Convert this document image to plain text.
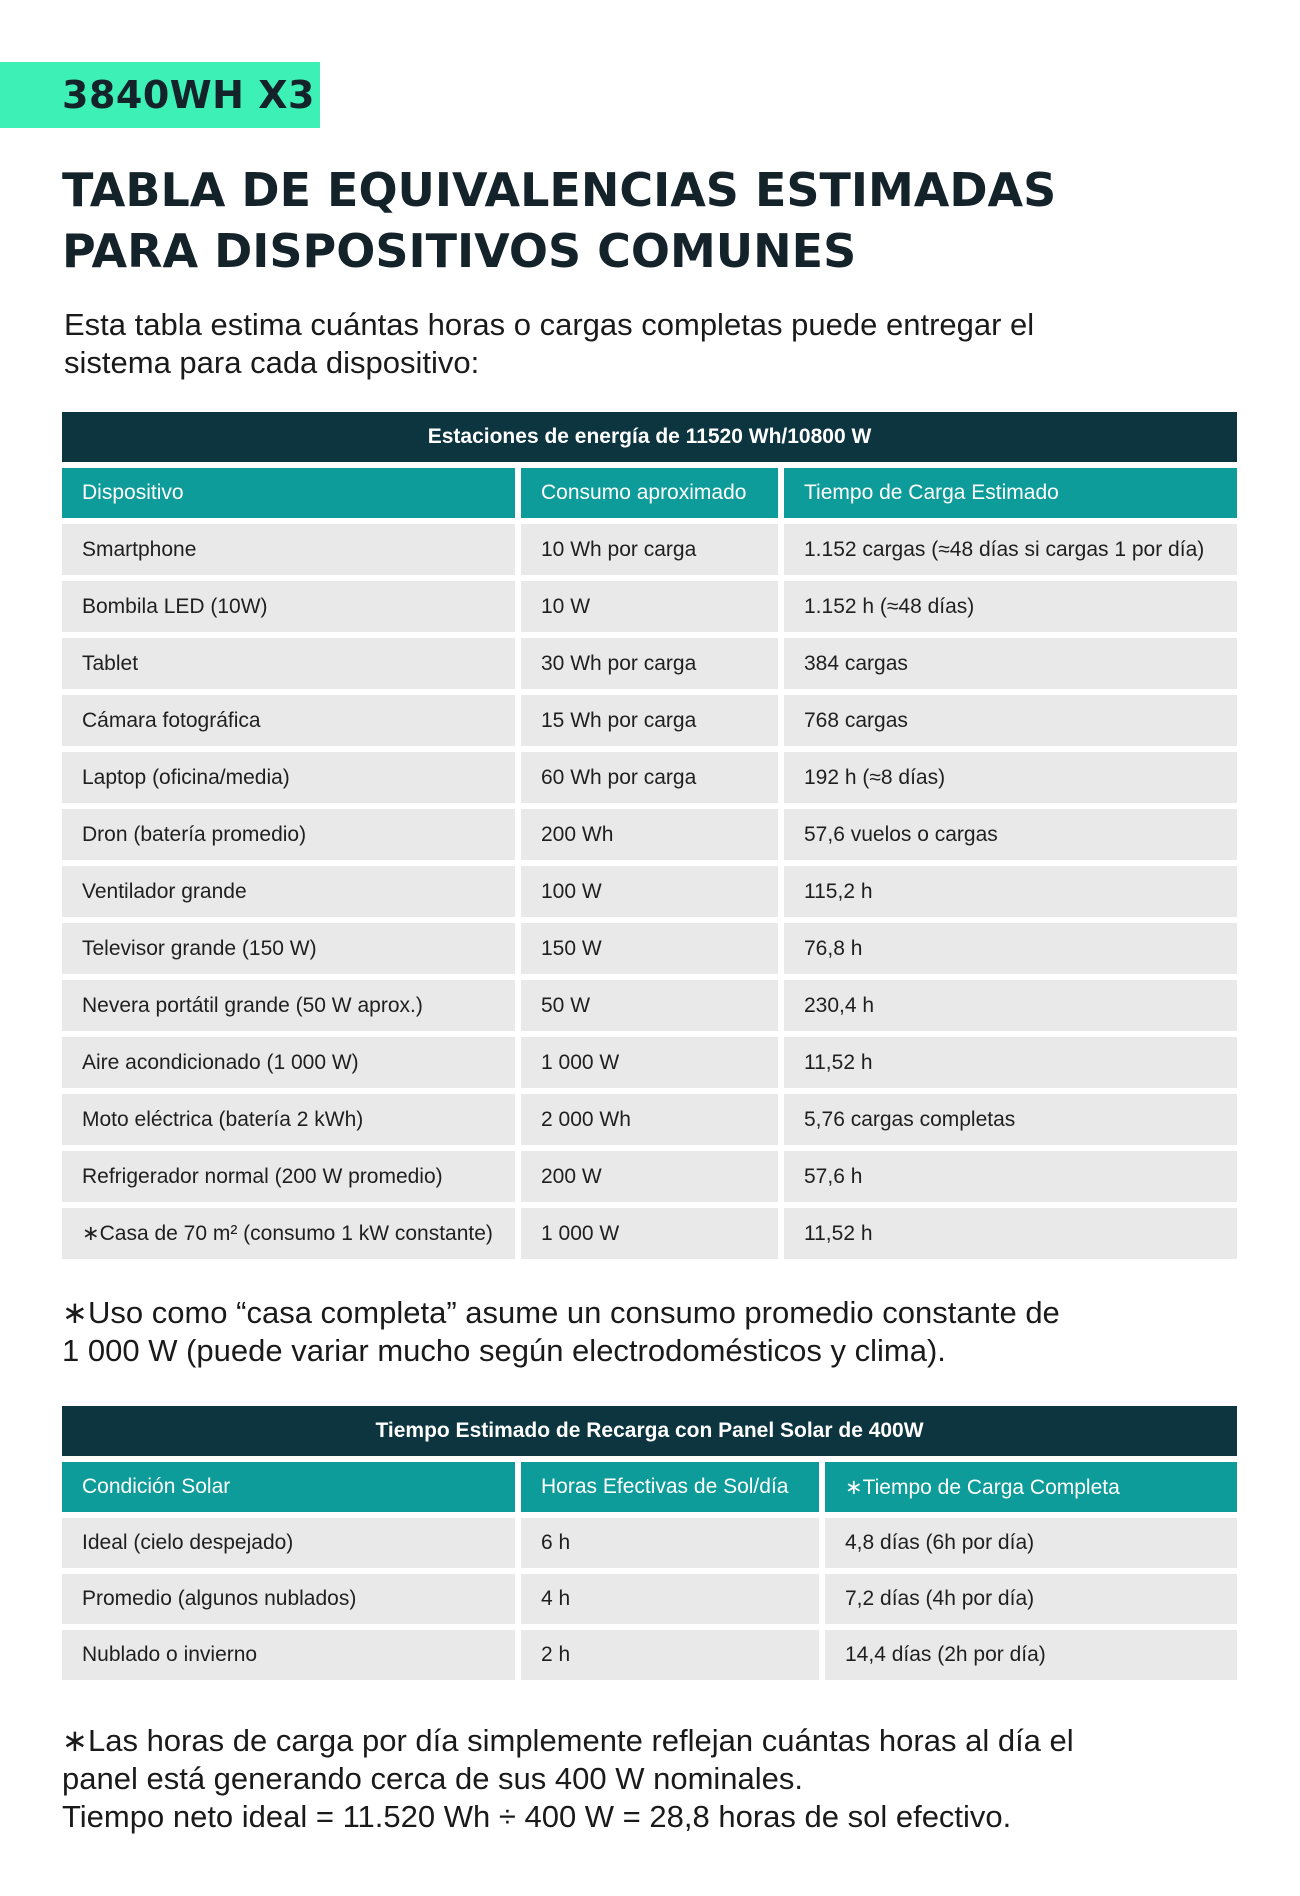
3840WH X3
TABLA DE EQUIVALENCIAS ESTIMADAS
PARA DISPOSITIVOS COMUNES

Esta tabla estima cuántas horas o cargas completas puede entregar el
sistema para cada dispositivo:

Estaciones de energía de 11520 Wh/10800 W		
Dispositivo	Consumo aproximado	Tiempo de Carga Estimado
Smartphone	10 Wh por carga	1.152 cargas (≈48 días si cargas 1 por día)
Bombila LED (10W)	10 W	1.152 h (≈48 días)
Tablet	30 Wh por carga	384 cargas
Cámara fotográfica	15 Wh por carga	768 cargas
Laptop (oficina/media)	60 Wh por carga	192 h (≈8 días)
Dron (batería promedio)	200 Wh	57,6 vuelos o cargas
Ventilador grande	100 W	115,2 h
Televisor grande (150 W)	150 W	76,8 h
Nevera portátil grande (50 W aprox.)	50 W	230,4 h
Aire acondicionado (1 000 W)	1 000 W	11,52 h
Moto eléctrica (batería 2 kWh)	2 000 Wh	5,76 cargas completas
Refrigerador normal (200 W promedio)	200 W	57,6 h
∗Casa de 70 m² (consumo 1 kW constante)	1 000 W	11,52 h

∗Uso como “casa completa” asume un consumo promedio constante de
1 000 W (puede variar mucho según electrodomésticos y clima).

Tiempo Estimado de Recarga con Panel Solar de 400W		
Condición Solar	Horas Efectivas de Sol/día	∗Tiempo de Carga Completa
Ideal (cielo despejado)	6 h	4,8 días (6h por día)
Promedio (algunos nublados)	4 h	7,2 días (4h por día)
Nublado o invierno	2 h	14,4 días (2h por día)

∗Las horas de carga por día simplemente reflejan cuántas horas al día el
panel está generando cerca de sus 400 W nominales.
Tiempo neto ideal = 11.520 Wh ÷ 400 W = 28,8 horas de sol efectivo.
